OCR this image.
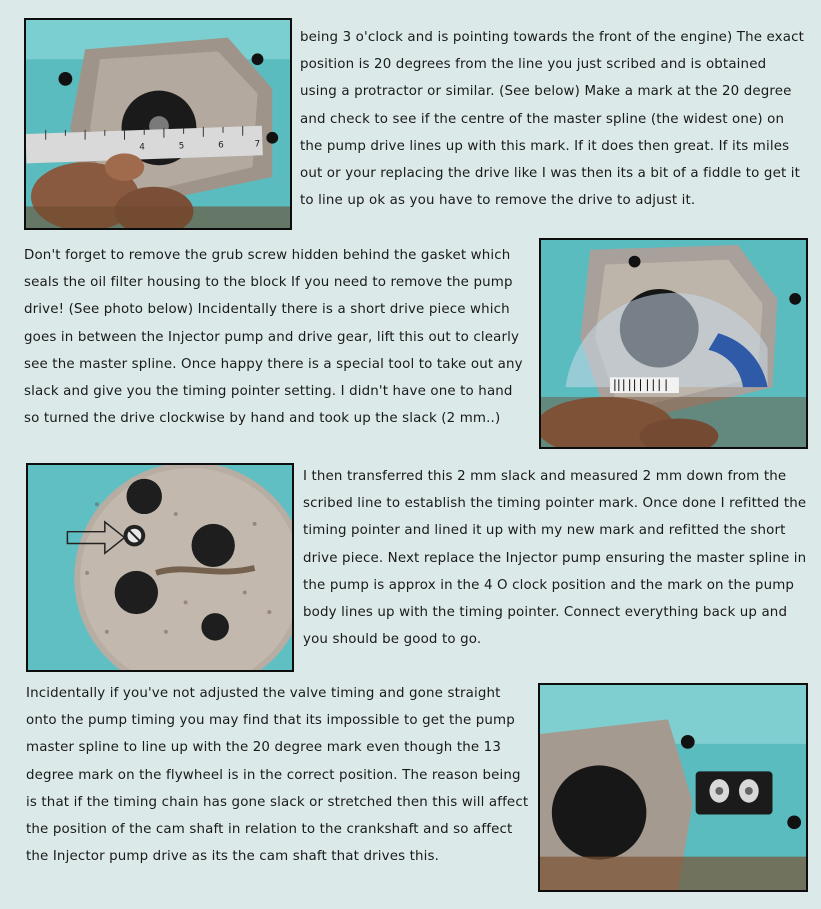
4	5	6	7
being 3 o'clock and is pointing towards the front of the engine) The exact position is 20 degrees from the line you just scribed and is obtained using a protractor or similar. (See below) Make a mark at the 20 degree and check to see if the centre of the master spline (the widest one) on the pump drive lines up with this mark. If it does then great. If its miles out or your replacing the drive like I was then its a bit of a fiddle to get it to line up ok as you have to remove the drive to adjust it.
Don't forget to remove the grub screw hidden behind the gasket which seals the oil filter housing to the block If you need to remove the pump drive! (See photo below) Incidentally there is a short drive piece which goes in between the Injector pump and drive gear, lift this out to clearly see the master spline. Once happy there is a special tool to take out any slack and give you the timing pointer setting. I didn't have one to hand so turned the drive clockwise by hand and took up the slack (2 mm..)
I then transferred this 2 mm slack and measured 2 mm down from the scribed line to establish the timing pointer mark. Once done I refitted the timing pointer and lined it up with my new mark and refitted the short drive piece. Next replace the Injector pump ensuring the master spline in the pump is approx in the 4 O clock position and the mark on the pump body lines up with the timing pointer. Connect everything back up and you should be good to go.
Incidentally if you've not adjusted the valve timing and gone straight onto the pump timing you may find that its impossible to get the pump master spline to line up with the 20 degree mark even though the 13 degree mark on the flywheel is in the correct position. The reason being is that if the timing chain has gone slack or stretched then this will affect the position of the cam shaft in relation to the crankshaft and so affect the Injector pump drive as its the cam shaft that drives this.
